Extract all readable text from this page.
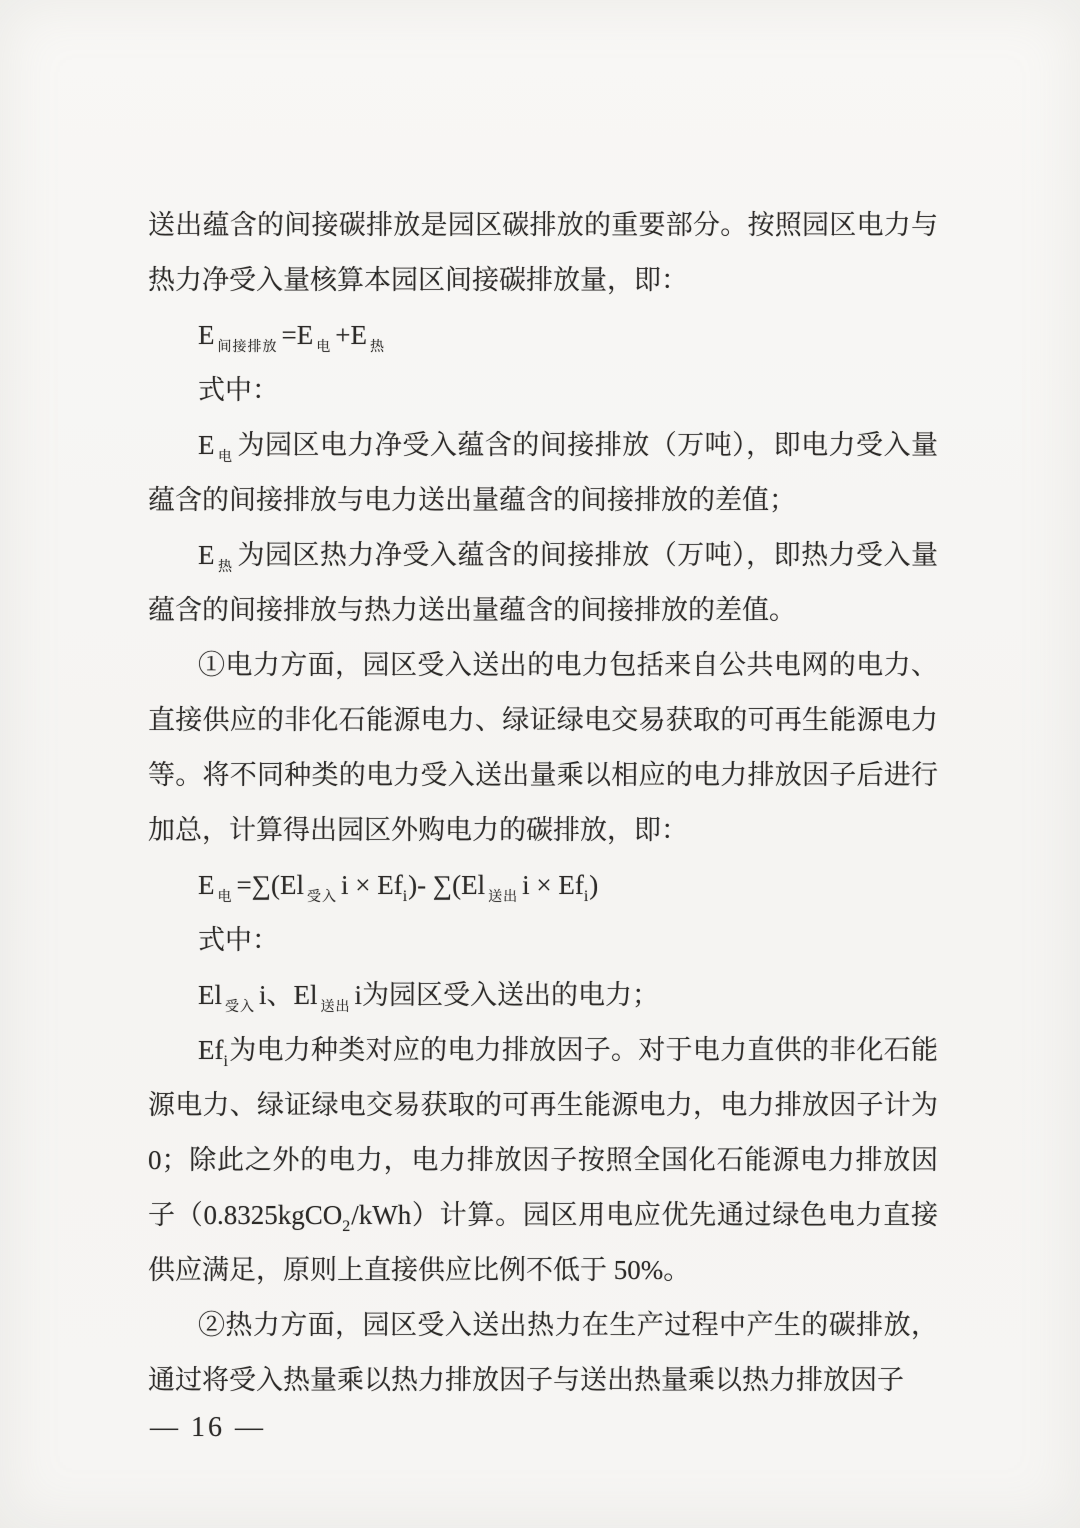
送出蕴含的间接碳排放是园区碳排放的重要部分。按照园区电力与热力净受入量核算本园区间接碳排放量，即：

E $_{间接排放}$ =E $_电$ +E $_热$

式中：

E $_电$ 为园区电力净受入蕴含的间接排放（万吨），即电力受入量蕴含的间接排放与电力送出量蕴含的间接排放的差值；

E $_热$ 为园区热力净受入蕴含的间接排放（万吨），即热力受入量蕴含的间接排放与热力送出量蕴含的间接排放的差值。

①电力方面，园区受入送出的电力包括来自公共电网的电力、直接供应的非化石能源电力、绿证绿电交易获取的可再生能源电力等。将不同种类的电力受入送出量乘以相应的电力排放因子后进行加总，计算得出园区外购电力的碳排放，即：

E $_电$ =∑(El $_{受入}$ $i \times Ef_i)-$ ∑(El $_{送出}$ $i \times Ef_i$)

式中：

El $_{受入}$ i、El $_{送出}$ i为园区受入送出的电力；

$Ef_i$为电力种类对应的电力排放因子。对于电力直供的非化石能源电力、绿证绿电交易获取的可再生能源电力，电力排放因子计为0；除此之外的电力，电力排放因子按照全国化石能源电力排放因子（0.8325kgCO$_2$/kWh）计算。园区用电应优先通过绿色电力直接供应满足，原则上直接供应比例不低于 50%。

②热力方面，园区受入送出热力在生产过程中产生的碳排放，通过将受入热量乘以热力排放因子与送出热量乘以热力排放因子

— 16 —
